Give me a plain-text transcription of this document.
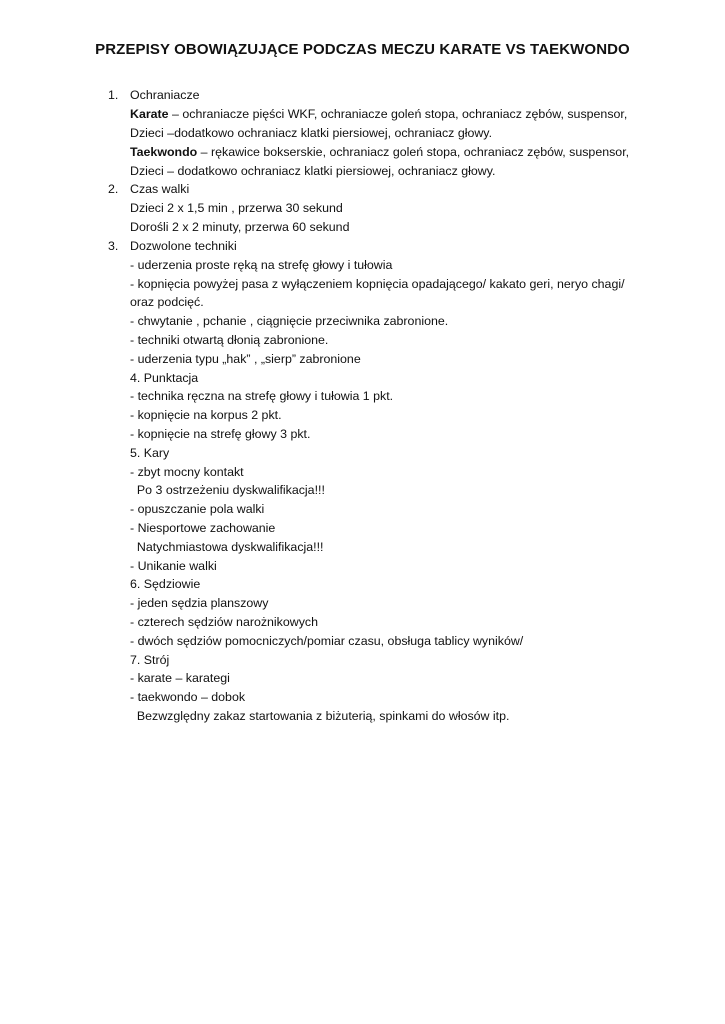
PRZEPISY OBOWIĄZUJĄCE PODCZAS MECZU KARATE VS TAEKWONDO
1. Ochraniacze
Karate – ochraniacze pięści WKF, ochraniacze goleń stopa, ochraniacz zębów, suspensor,
Dzieci –dodatkowo ochraniacz klatki piersiowej, ochraniacz głowy.
Taekwondo – rękawice bokserskie, ochraniacz goleń stopa, ochraniacz zębów, suspensor,
Dzieci – dodatkowo ochraniacz klatki piersiowej, ochraniacz głowy.
2. Czas walki
Dzieci 2 x 1,5 min , przerwa 30 sekund
Dorośli 2 x 2 minuty, przerwa 60 sekund
3. Dozwolone techniki
- uderzenia proste ręką na strefę głowy i tułowia
- kopnięcia powyżej pasa z wyłączeniem kopnięcia opadającego/ kakato geri, neryo chagi/
oraz podcięć.
- chwytanie , pchanie , ciągnięcie przeciwnika zabronione.
- techniki otwartą dłonią zabronione.
- uderzenia typu „hak” , „sierp” zabronione
4. Punktacja
- technika ręczna na strefę głowy i tułowia 1 pkt.
- kopnięcie na korpus 2 pkt.
- kopnięcie na strefę głowy 3 pkt.
5. Kary
- zbyt mocny kontakt
Po 3 ostrzeżeniu dyskwalifikacja!!!
- opuszczanie pola walki
- Niesportowe zachowanie
Natychmiastowa dyskwalifikacja!!!
- Unikanie walki
6. Sędziowie
- jeden sędzia planszowy
- czterech sędziów narożnikowych
- dwóch sędziów pomocniczych/pomiar czasu, obsługa tablicy wyników/
7. Strój
- karate – karategi
- taekwondo – dobok
Bezwzględny zakaz startowania z biżuterią, spinkami do włosów itp.
